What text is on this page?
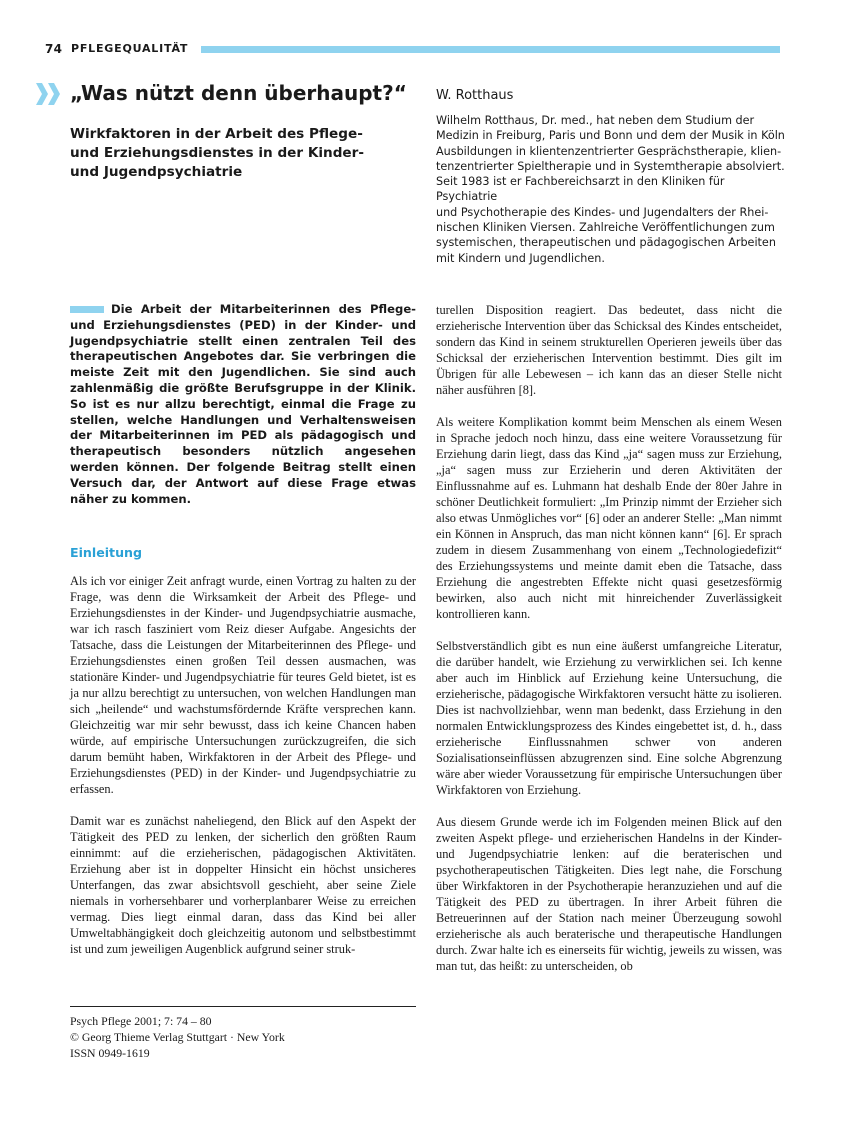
74 PFLEGEQUALITÄT
„Was nützt denn überhaupt?“
Wirkfaktoren in der Arbeit des Pflege-
und Erziehungsdienstes in der Kinder-
und Jugendpsychiatrie
W. Rotthaus
Wilhelm Rotthaus, Dr. med., hat neben dem Studium der
Medizin in Freiburg, Paris und Bonn und dem der Musik in Köln
Ausbildungen in klientenzentrierter Gesprächstherapie, klien-
tenzentrierter Spieltherapie und in Systemtherapie absolviert.
Seit 1983 ist er Fachbereichsarzt in den Kliniken für Psychiatrie
und Psychotherapie des Kindes- und Jugendalters der Rhei-
nischen Kliniken Viersen. Zahlreiche Veröffentlichungen zum
systemischen, therapeutischen und pädagogischen Arbeiten
mit Kindern und Jugendlichen.

Die Arbeit der Mitarbeiterinnen des Pflege- und Erziehungsdienstes (PED) in der Kinder- und Jugendpsychiatrie stellt einen zentralen Teil des therapeutischen Angebotes dar. Sie verbringen die meiste Zeit mit den Jugendlichen. Sie sind auch zahlenmäßig die größte Berufsgruppe in der Klinik. So ist es nur allzu berechtigt, einmal die Frage zu stellen, welche Handlungen und Verhaltensweisen der Mitarbeiterinnen im PED als pädagogisch und therapeutisch besonders nützlich angesehen werden können. Der folgende Beitrag stellt einen Versuch dar, der Antwort auf diese Frage etwas näher zu kommen.

Einleitung

Als ich vor einiger Zeit anfragt wurde, einen Vortrag zu halten zu der Frage, was denn die Wirksamkeit der Arbeit des Pflege- und Erziehungsdienstes in der Kinder- und Jugendpsychiatrie ausmache, war ich rasch fasziniert vom Reiz dieser Aufgabe. Angesichts der Tatsache, dass die Leistungen der Mitarbeiterinnen des Pflege- und Erziehungsdienstes einen großen Teil dessen ausmachen, was stationäre Kinder- und Jugendpsychiatrie für teures Geld bietet, ist es ja nur allzu berechtigt zu untersuchen, von welchen Handlungen man sich „heilende“ und wachstumsfördernde Kräfte versprechen kann. Gleichzeitig war mir sehr bewusst, dass ich keine Chancen haben würde, auf empirische Untersuchungen zurückzugreifen, die sich darum bemüht haben, Wirkfaktoren in der Arbeit des Pflege- und Erziehungsdienstes (PED) in der Kinder- und Jugendpsychiatrie zu erfassen.

Damit war es zunächst naheliegend, den Blick auf den Aspekt der Tätigkeit des PED zu lenken, der sicherlich den größten Raum einnimmt: auf die erzieherischen, pädagogischen Aktivitäten. Erziehung aber ist in doppelter Hinsicht ein höchst unsicheres Unterfangen, das zwar absichtsvoll geschieht, aber seine Ziele niemals in vorhersehbarer und vorherplanbarer Weise zu erreichen vermag. Dies liegt einmal daran, dass das Kind bei aller Umweltabhängigkeit doch gleichzeitig autonom und selbstbestimmt ist und zum jeweiligen Augenblick aufgrund seiner struk-

turellen Disposition reagiert. Das bedeutet, dass nicht die erzieherische Intervention über das Schicksal des Kindes entscheidet, sondern das Kind in seinem strukturellen Operieren jeweils über das Schicksal der erzieherischen Intervention bestimmt. Dies gilt im Übrigen für alle Lebewesen – ich kann das an dieser Stelle nicht näher ausführen [8].

Als weitere Komplikation kommt beim Menschen als einem Wesen in Sprache jedoch noch hinzu, dass eine weitere Voraussetzung für Erziehung darin liegt, dass das Kind „ja“ sagen muss zur Erziehung, „ja“ sagen muss zur Erzieherin und deren Aktivitäten der Einflussnahme auf es. Luhmann hat deshalb Ende der 80er Jahre in schöner Deutlichkeit formuliert: „Im Prinzip nimmt der Erzieher sich also etwas Unmögliches vor“ [6] oder an anderer Stelle: „Man nimmt ein Können in Anspruch, das man nicht können kann“ [6]. Er sprach zudem in diesem Zusammenhang von einem „Technologiedefizit“ des Erziehungssystems und meinte damit eben die Tatsache, dass Erziehung die angestrebten Effekte nicht quasi gesetzesförmig bewirken, also auch nicht mit hinreichender Zuverlässigkeit kontrollieren kann.

Selbstverständlich gibt es nun eine äußerst umfangreiche Literatur, die darüber handelt, wie Erziehung zu verwirklichen sei. Ich kenne aber auch im Hinblick auf Erziehung keine Untersuchung, die erzieherische, pädagogische Wirkfaktoren versucht hätte zu isolieren. Dies ist nachvollziehbar, wenn man bedenkt, dass Erziehung in den normalen Entwicklungsprozess des Kindes eingebettet ist, d. h., dass erzieherische Einflussnahmen schwer von anderen Sozialisationseinflüssen abzugrenzen sind. Eine solche Abgrenzung wäre aber wieder Voraussetzung für empirische Untersuchungen über Wirkfaktoren von Erziehung.

Aus diesem Grunde werde ich im Folgenden meinen Blick auf den zweiten Aspekt pflege- und erzieherischen Handelns in der Kinder- und Jugendpsychiatrie lenken: auf die beraterischen und psychotherapeutischen Tätigkeiten. Dies legt nahe, die Forschung über Wirkfaktoren in der Psychotherapie heranzuziehen und auf die Tätigkeit des PED zu übertragen. In ihrer Arbeit führen die Betreuerinnen auf der Station nach meiner Überzeugung sowohl erzieherische als auch beraterische und therapeutische Handlungen durch. Zwar halte ich es einerseits für wichtig, jeweils zu wissen, was man tut, das heißt: zu unterscheiden, ob

Psych Pflege 2001; 7: 74 – 80
© Georg Thieme Verlag Stuttgart · New York
ISSN 0949-1619
